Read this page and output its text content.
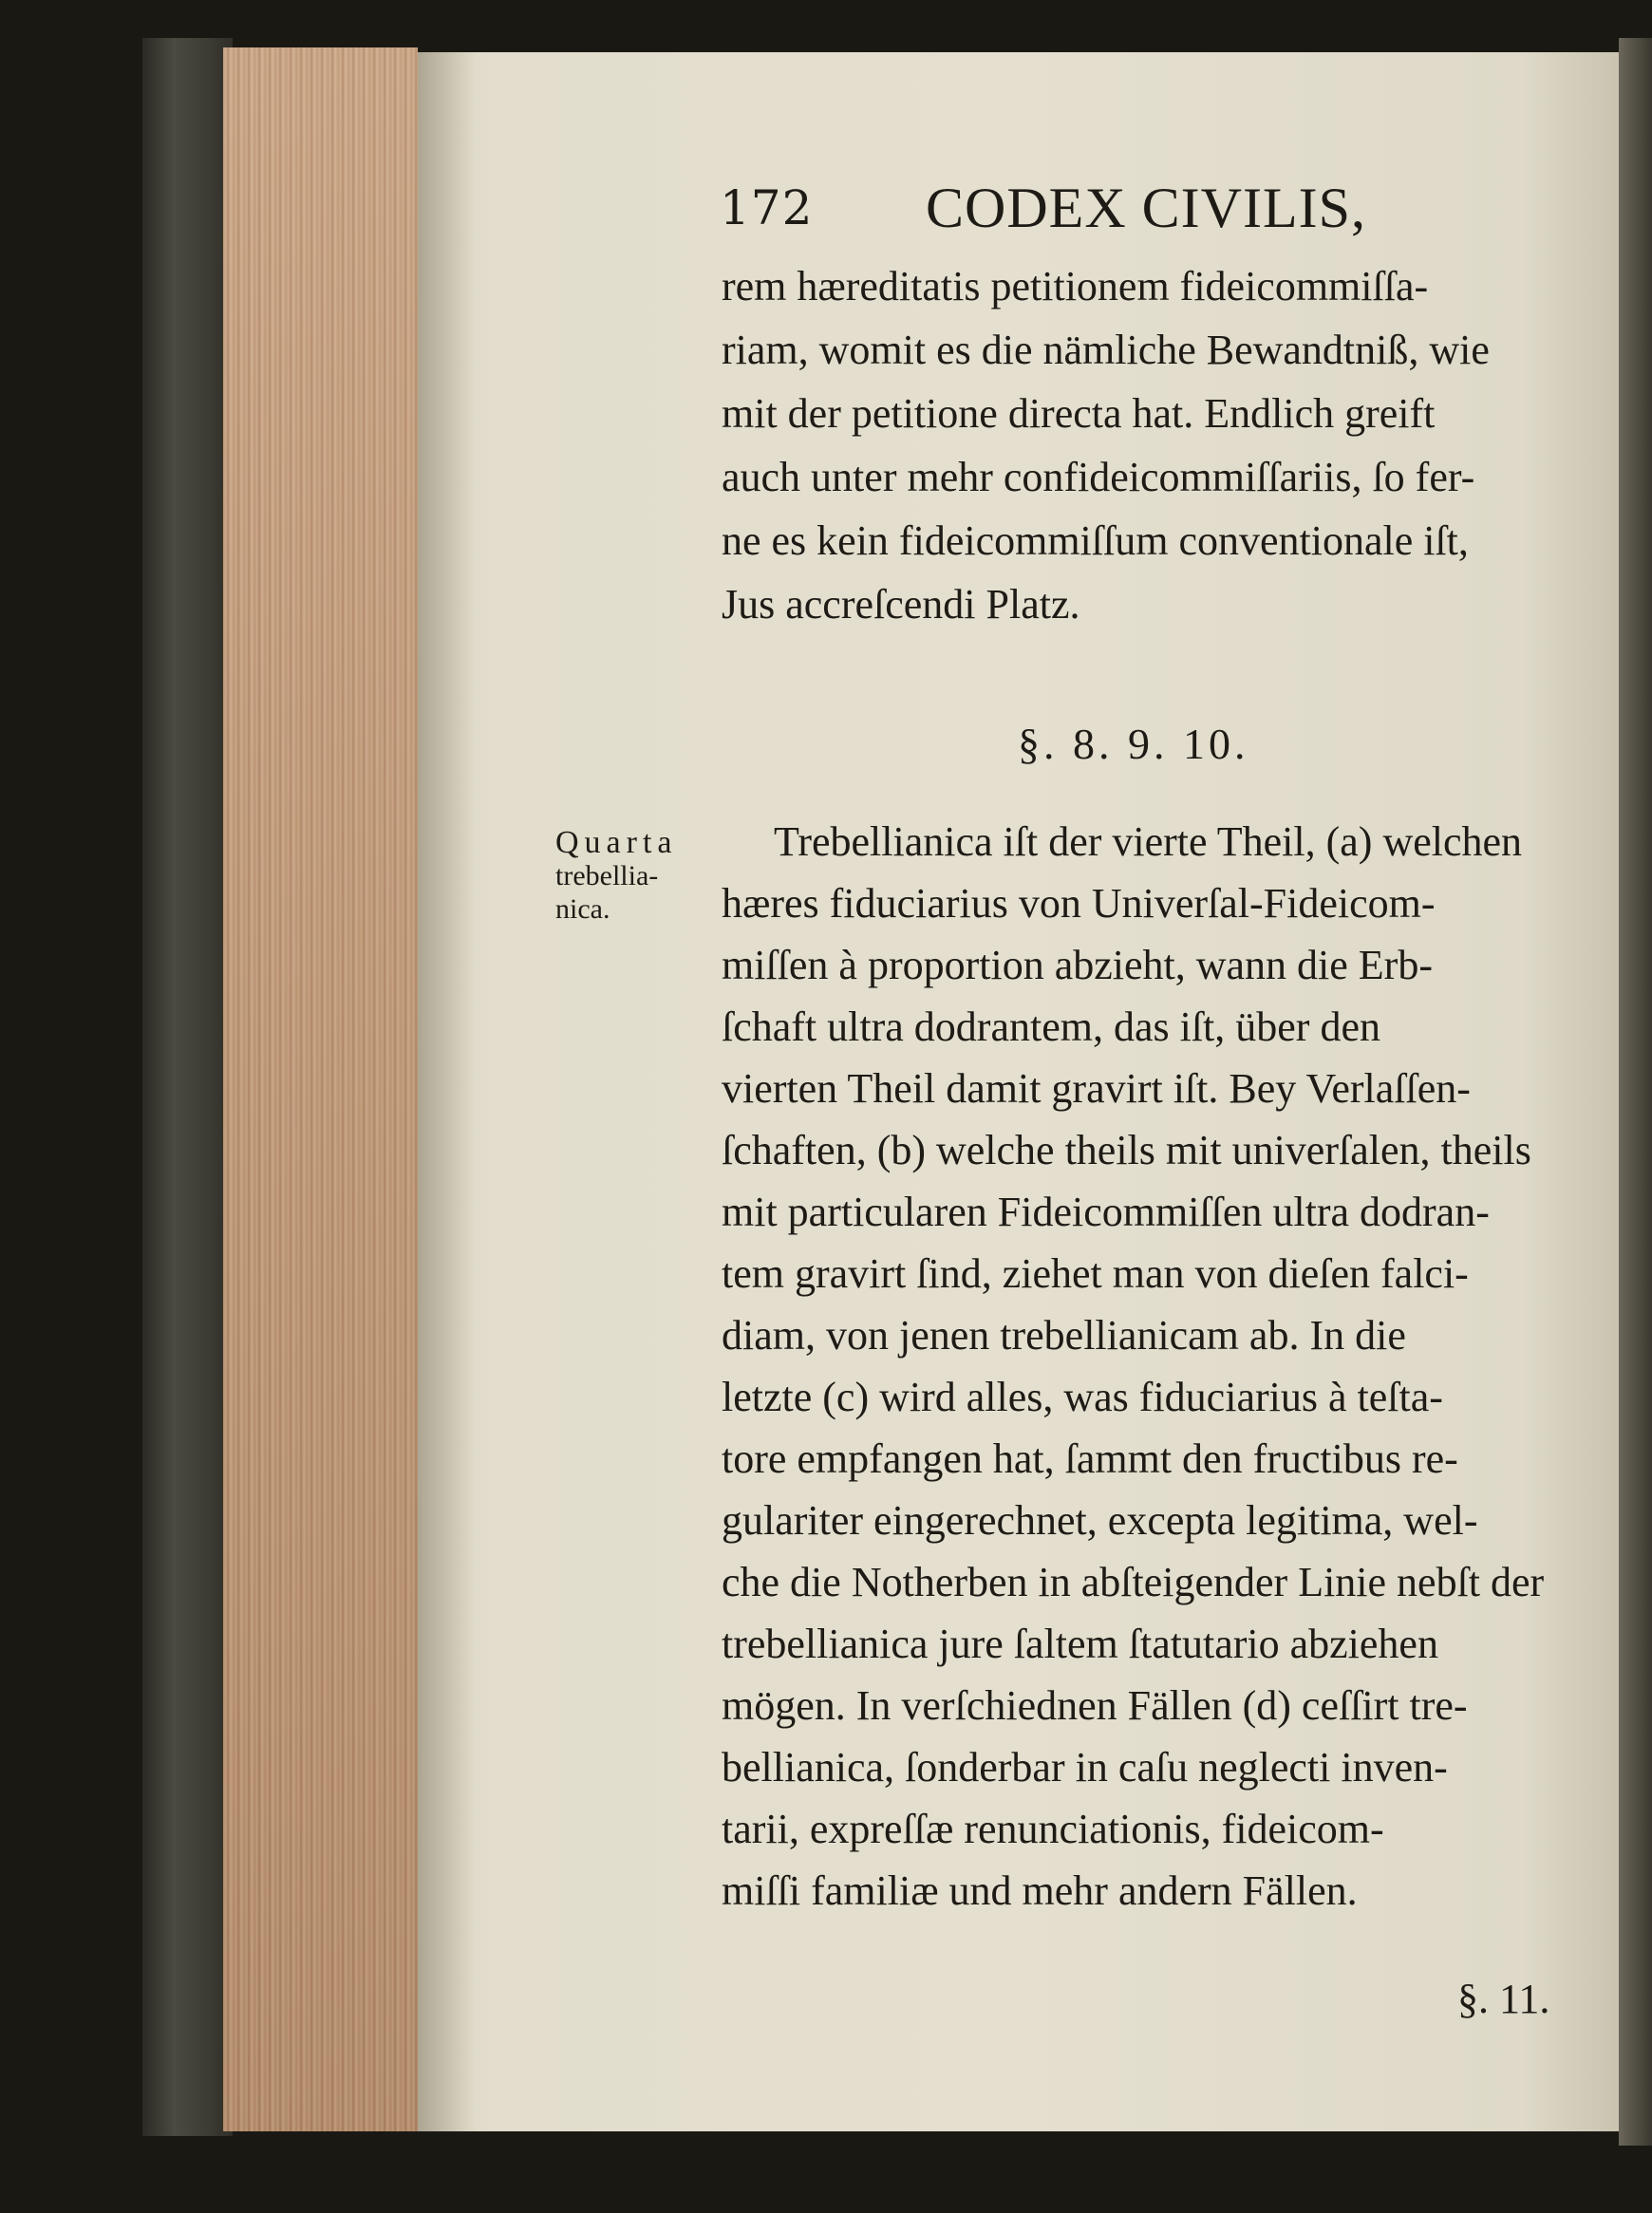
172 CODEX CIVILIS,
rem hæreditatis petitionem fideicommiſſa-
riam, womit es die nämliche Bewandtniß, wie
mit der petitione directa hat. Endlich greift
auch unter mehr confideicommiſſariis, ſo fer-
ne es kein fideicommiſſum conventionale iſt,
Jus accreſcendi Platz.
§. 8. 9. 10.
Quarta
trebellia-
nica.
Trebellianica iſt der vierte Theil, (a) welchen
hæres fiduciarius von Univerſal-Fideicom-
miſſen à proportion abzieht, wann die Erb-
ſchaft ultra dodrantem, das iſt, über den
vierten Theil damit gravirt iſt. Bey Verlaſſen-
ſchaften, (b) welche theils mit univerſalen, theils
mit particularen Fideicommiſſen ultra dodran-
tem gravirt ſind, ziehet man von dieſen falci-
diam, von jenen trebellianicam ab. In die
letzte (c) wird alles, was fiduciarius à teſta-
tore empfangen hat, ſammt den fructibus re-
gulariter eingerechnet, excepta legitima, wel-
che die Notherben in abſteigender Linie nebſt der
trebellianica jure ſaltem ſtatutario abziehen
mögen. In verſchiednen Fällen (d) ceſſirt tre-
bellianica, ſonderbar in caſu neglecti inven-
tarii, expreſſæ renunciationis, fideicom-
miſſi familiæ und mehr andern Fällen.
§. 11.
